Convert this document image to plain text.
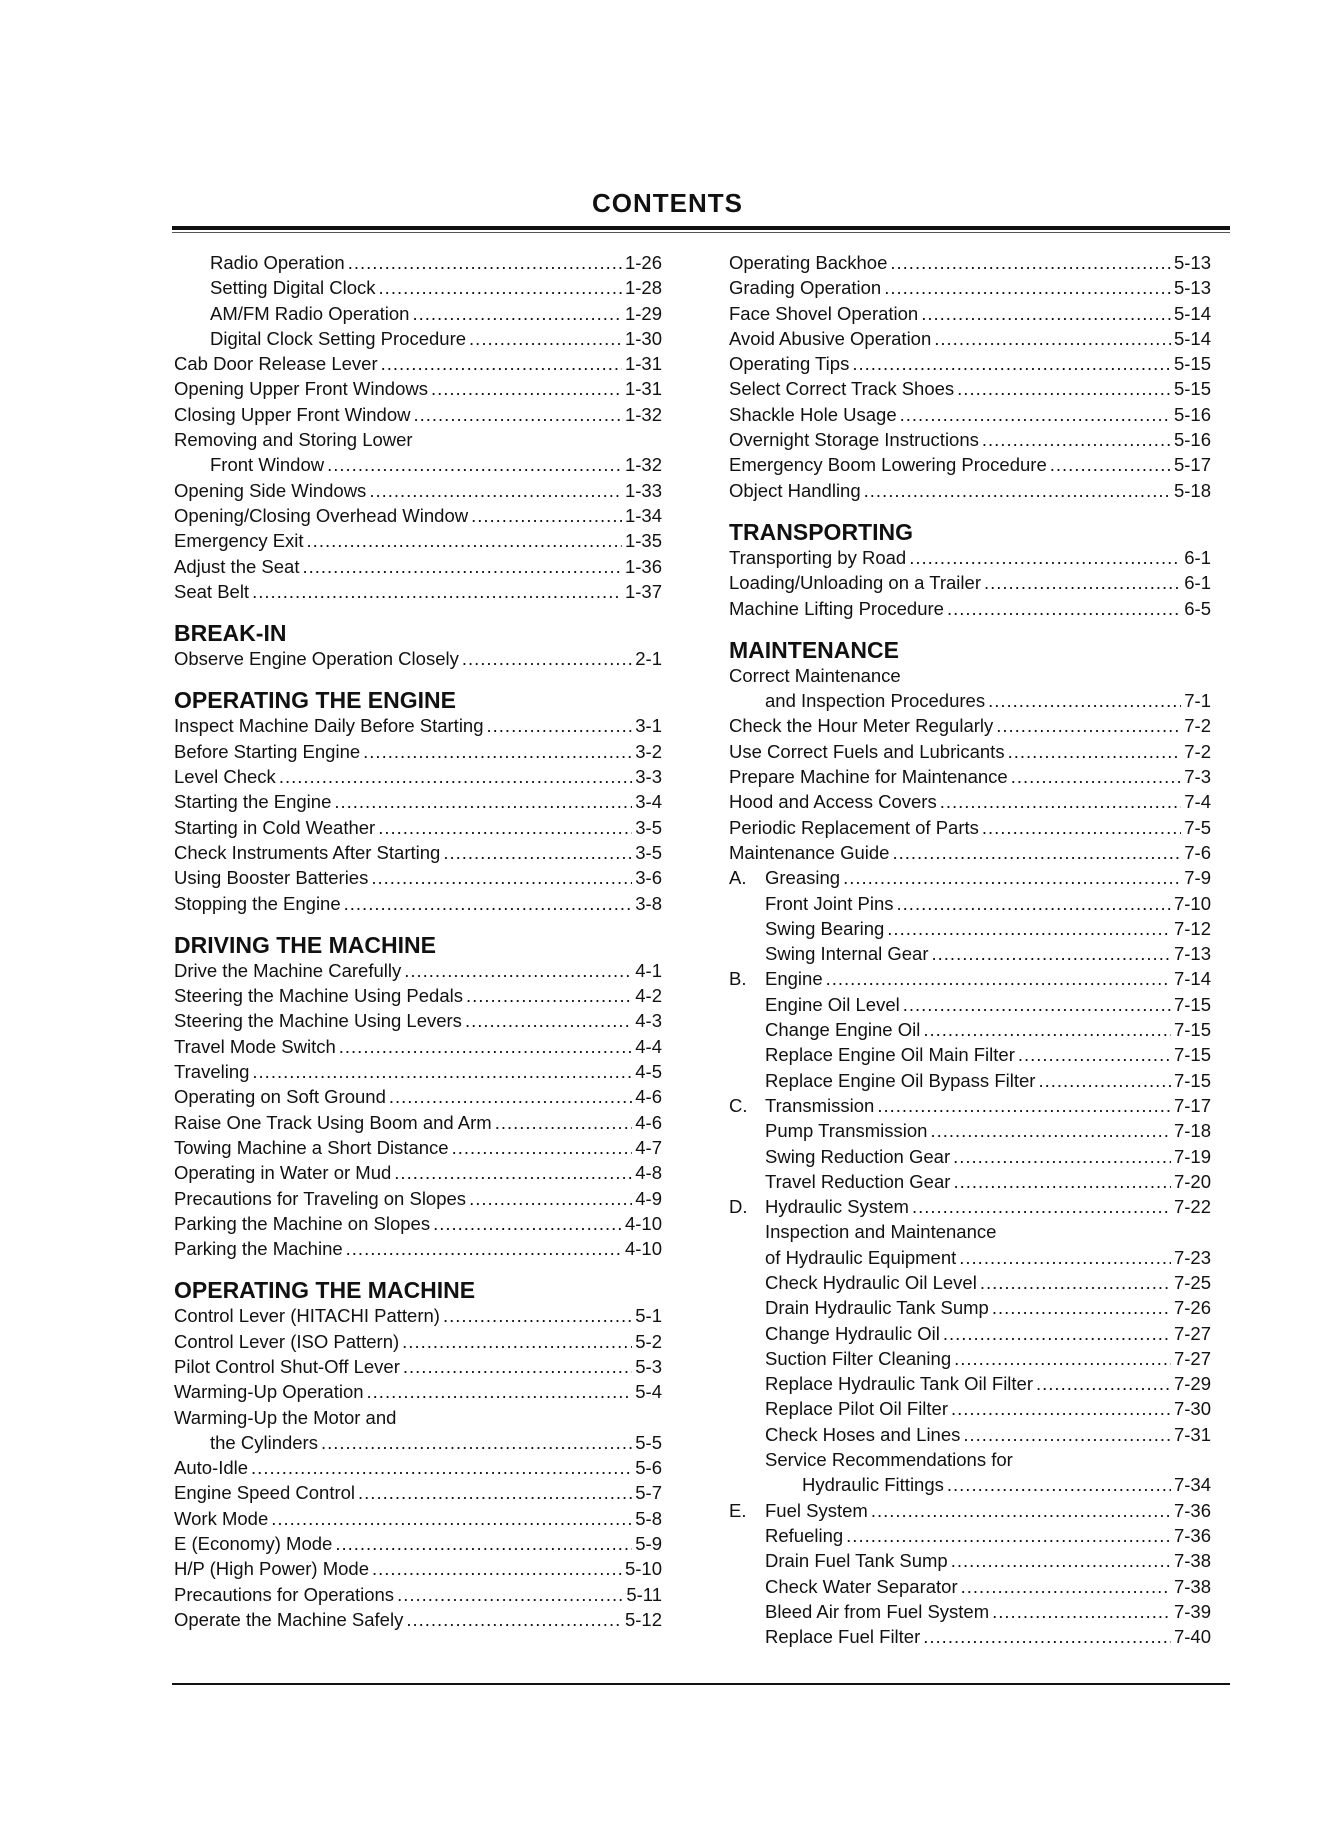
CONTENTS
Radio Operation .....	1-26
Setting Digital Clock .....	1-28
AM/FM Radio Operation .....	1-29
Digital Clock Setting Procedure .....	1-30
Cab Door Release Lever .....	1-31
Opening Upper Front Windows .....	1-31
Closing Upper Front Window .....	1-32
Removing and Storing Lower
Front Window .....	1-32
Opening Side Windows .....	1-33
Opening/Closing Overhead Window .....	1-34
Emergency Exit .....	1-35
Adjust the Seat .....	1-36
Seat Belt .....	1-37
BREAK-IN
Observe Engine Operation Closely .....	2-1
OPERATING THE ENGINE
Inspect Machine Daily Before Starting .....	3-1
Before Starting Engine .....	3-2
Level Check .....	3-3
Starting the Engine .....	3-4
Starting in Cold Weather .....	3-5
Check Instruments After Starting .....	3-5
Using Booster Batteries .....	3-6
Stopping the Engine .....	3-8
DRIVING THE MACHINE
Drive the Machine Carefully .....	4-1
Steering the Machine Using Pedals .....	4-2
Steering the Machine Using Levers .....	4-3
Travel Mode Switch .....	4-4
Traveling .....	4-5
Operating on Soft Ground .....	4-6
Raise One Track Using Boom and Arm .....	4-6
Towing Machine a Short Distance .....	4-7
Operating in Water or Mud .....	4-8
Precautions for Traveling on Slopes .....	4-9
Parking the Machine on Slopes .....	4-10
Parking the Machine .....	4-10
OPERATING THE MACHINE
Control Lever (HITACHI Pattern) .....	5-1
Control Lever (ISO Pattern) .....	5-2
Pilot Control Shut-Off Lever .....	5-3
Warming-Up Operation .....	5-4
Warming-Up the Motor and
the Cylinders .....	5-5
Auto-Idle .....	5-6
Engine Speed Control .....	5-7
Work Mode .....	5-8
E (Economy) Mode .....	5-9
H/P (High Power) Mode .....	5-10
Precautions for Operations .....	5-11
Operate the Machine Safely .....	5-12
Operating Backhoe .....	5-13
Grading Operation .....	5-13
Face Shovel Operation .....	5-14
Avoid Abusive Operation .....	5-14
Operating Tips .....	5-15
Select Correct Track Shoes .....	5-15
Shackle Hole Usage .....	5-16
Overnight Storage Instructions .....	5-16
Emergency Boom Lowering Procedure .....	5-17
Object Handling .....	5-18
TRANSPORTING
Transporting by Road .....	6-1
Loading/Unloading on a Trailer .....	6-1
Machine Lifting Procedure .....	6-5
MAINTENANCE
Correct Maintenance
and Inspection Procedures .....	7-1
Check the Hour Meter Regularly .....	7-2
Use Correct Fuels and Lubricants .....	7-2
Prepare Machine for Maintenance .....	7-3
Hood and Access Covers .....	7-4
Periodic Replacement of Parts .....	7-5
Maintenance Guide .....	7-6
A. Greasing .....	7-9
Front Joint Pins .....	7-10
Swing Bearing .....	7-12
Swing Internal Gear .....	7-13
B. Engine .....	7-14
Engine Oil Level .....	7-15
Change Engine Oil .....	7-15
Replace Engine Oil Main Filter .....	7-15
Replace Engine Oil Bypass Filter .....	7-15
C. Transmission .....	7-17
Pump Transmission .....	7-18
Swing Reduction Gear .....	7-19
Travel Reduction Gear .....	7-20
D. Hydraulic System .....	7-22
Inspection and Maintenance
of Hydraulic Equipment .....	7-23
Check Hydraulic Oil Level .....	7-25
Drain Hydraulic Tank Sump .....	7-26
Change Hydraulic Oil .....	7-27
Suction Filter Cleaning .....	7-27
Replace Hydraulic Tank Oil Filter .....	7-29
Replace Pilot Oil Filter .....	7-30
Check Hoses and Lines .....	7-31
Service Recommendations for
Hydraulic Fittings .....	7-34
E. Fuel System .....	7-36
Refueling .....	7-36
Drain Fuel Tank Sump .....	7-38
Check Water Separator .....	7-38
Bleed Air from Fuel System .....	7-39
Replace Fuel Filter .....	7-40
